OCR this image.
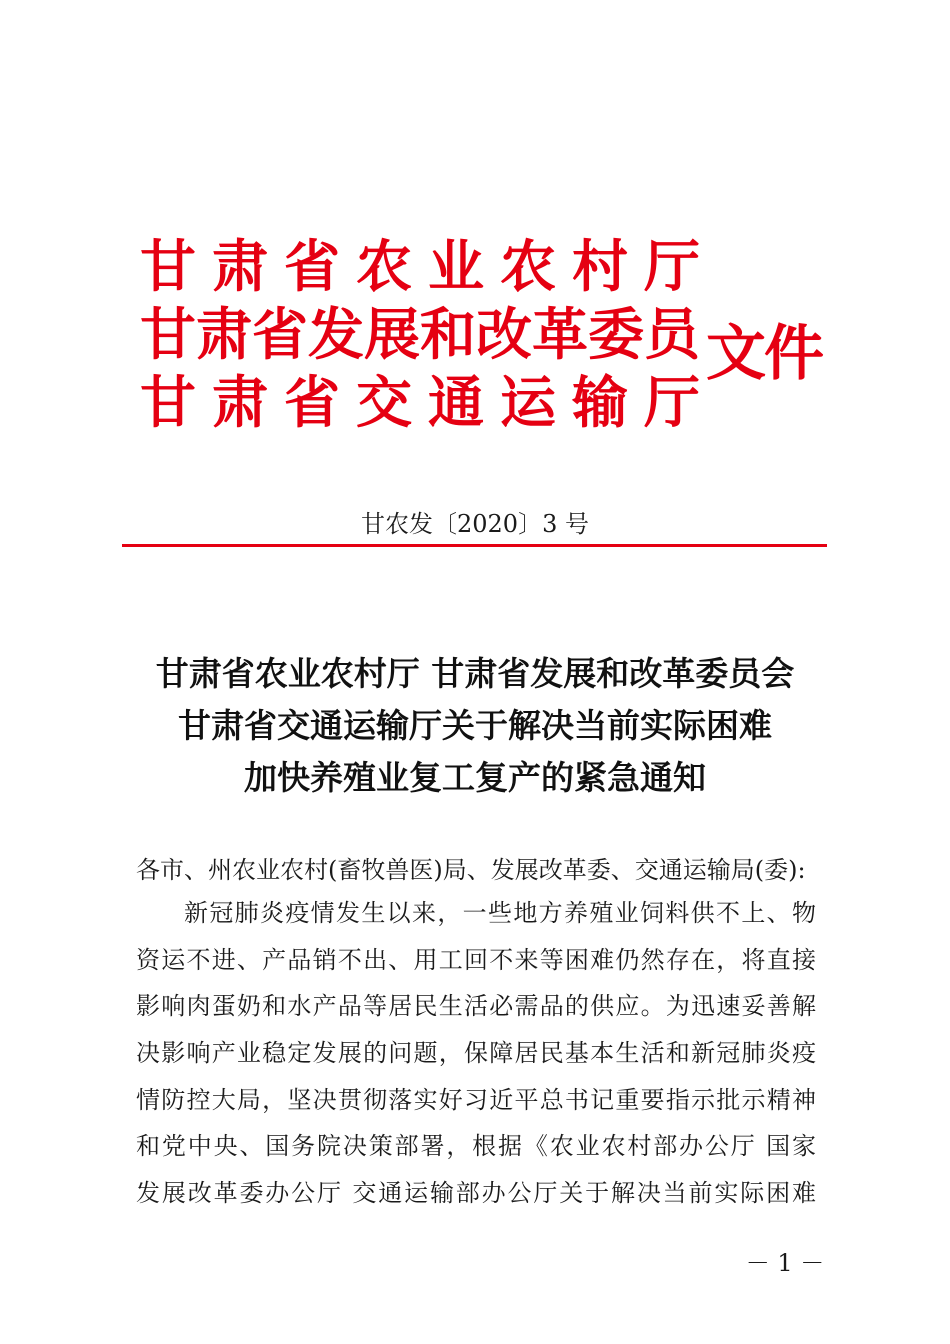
甘 肃 省 农 业 农 村 厅
甘 肃 省 发 展 和 改 革 委 员
甘 肃 省 交 通 运 输 厅
文件
甘农发〔2020〕3 号
甘肃省农业农村厅 甘肃省发展和改革委员会
甘肃省交通运输厅关于解决当前实际困难
加快养殖业复工复产的紧急通知
各市、州农业农村(畜牧兽医)局、发展改革委、交通运输局(委):
新冠肺炎疫情发生以来，一些地方养殖业饲料供不上、物
资运不进、产品销不出、用工回不来等困难仍然存在，将直接
影响肉蛋奶和水产品等居民生活必需品的供应。为迅速妥善解
决影响产业稳定发展的问题，保障居民基本生活和新冠肺炎疫
情防控大局，坚决贯彻落实好习近平总书记重要指示批示精神
和党中央、国务院决策部署，根据《农业农村部办公厅 国家
发展改革委办公厅 交通运输部办公厅关于解决当前实际困难
－ 1 －
